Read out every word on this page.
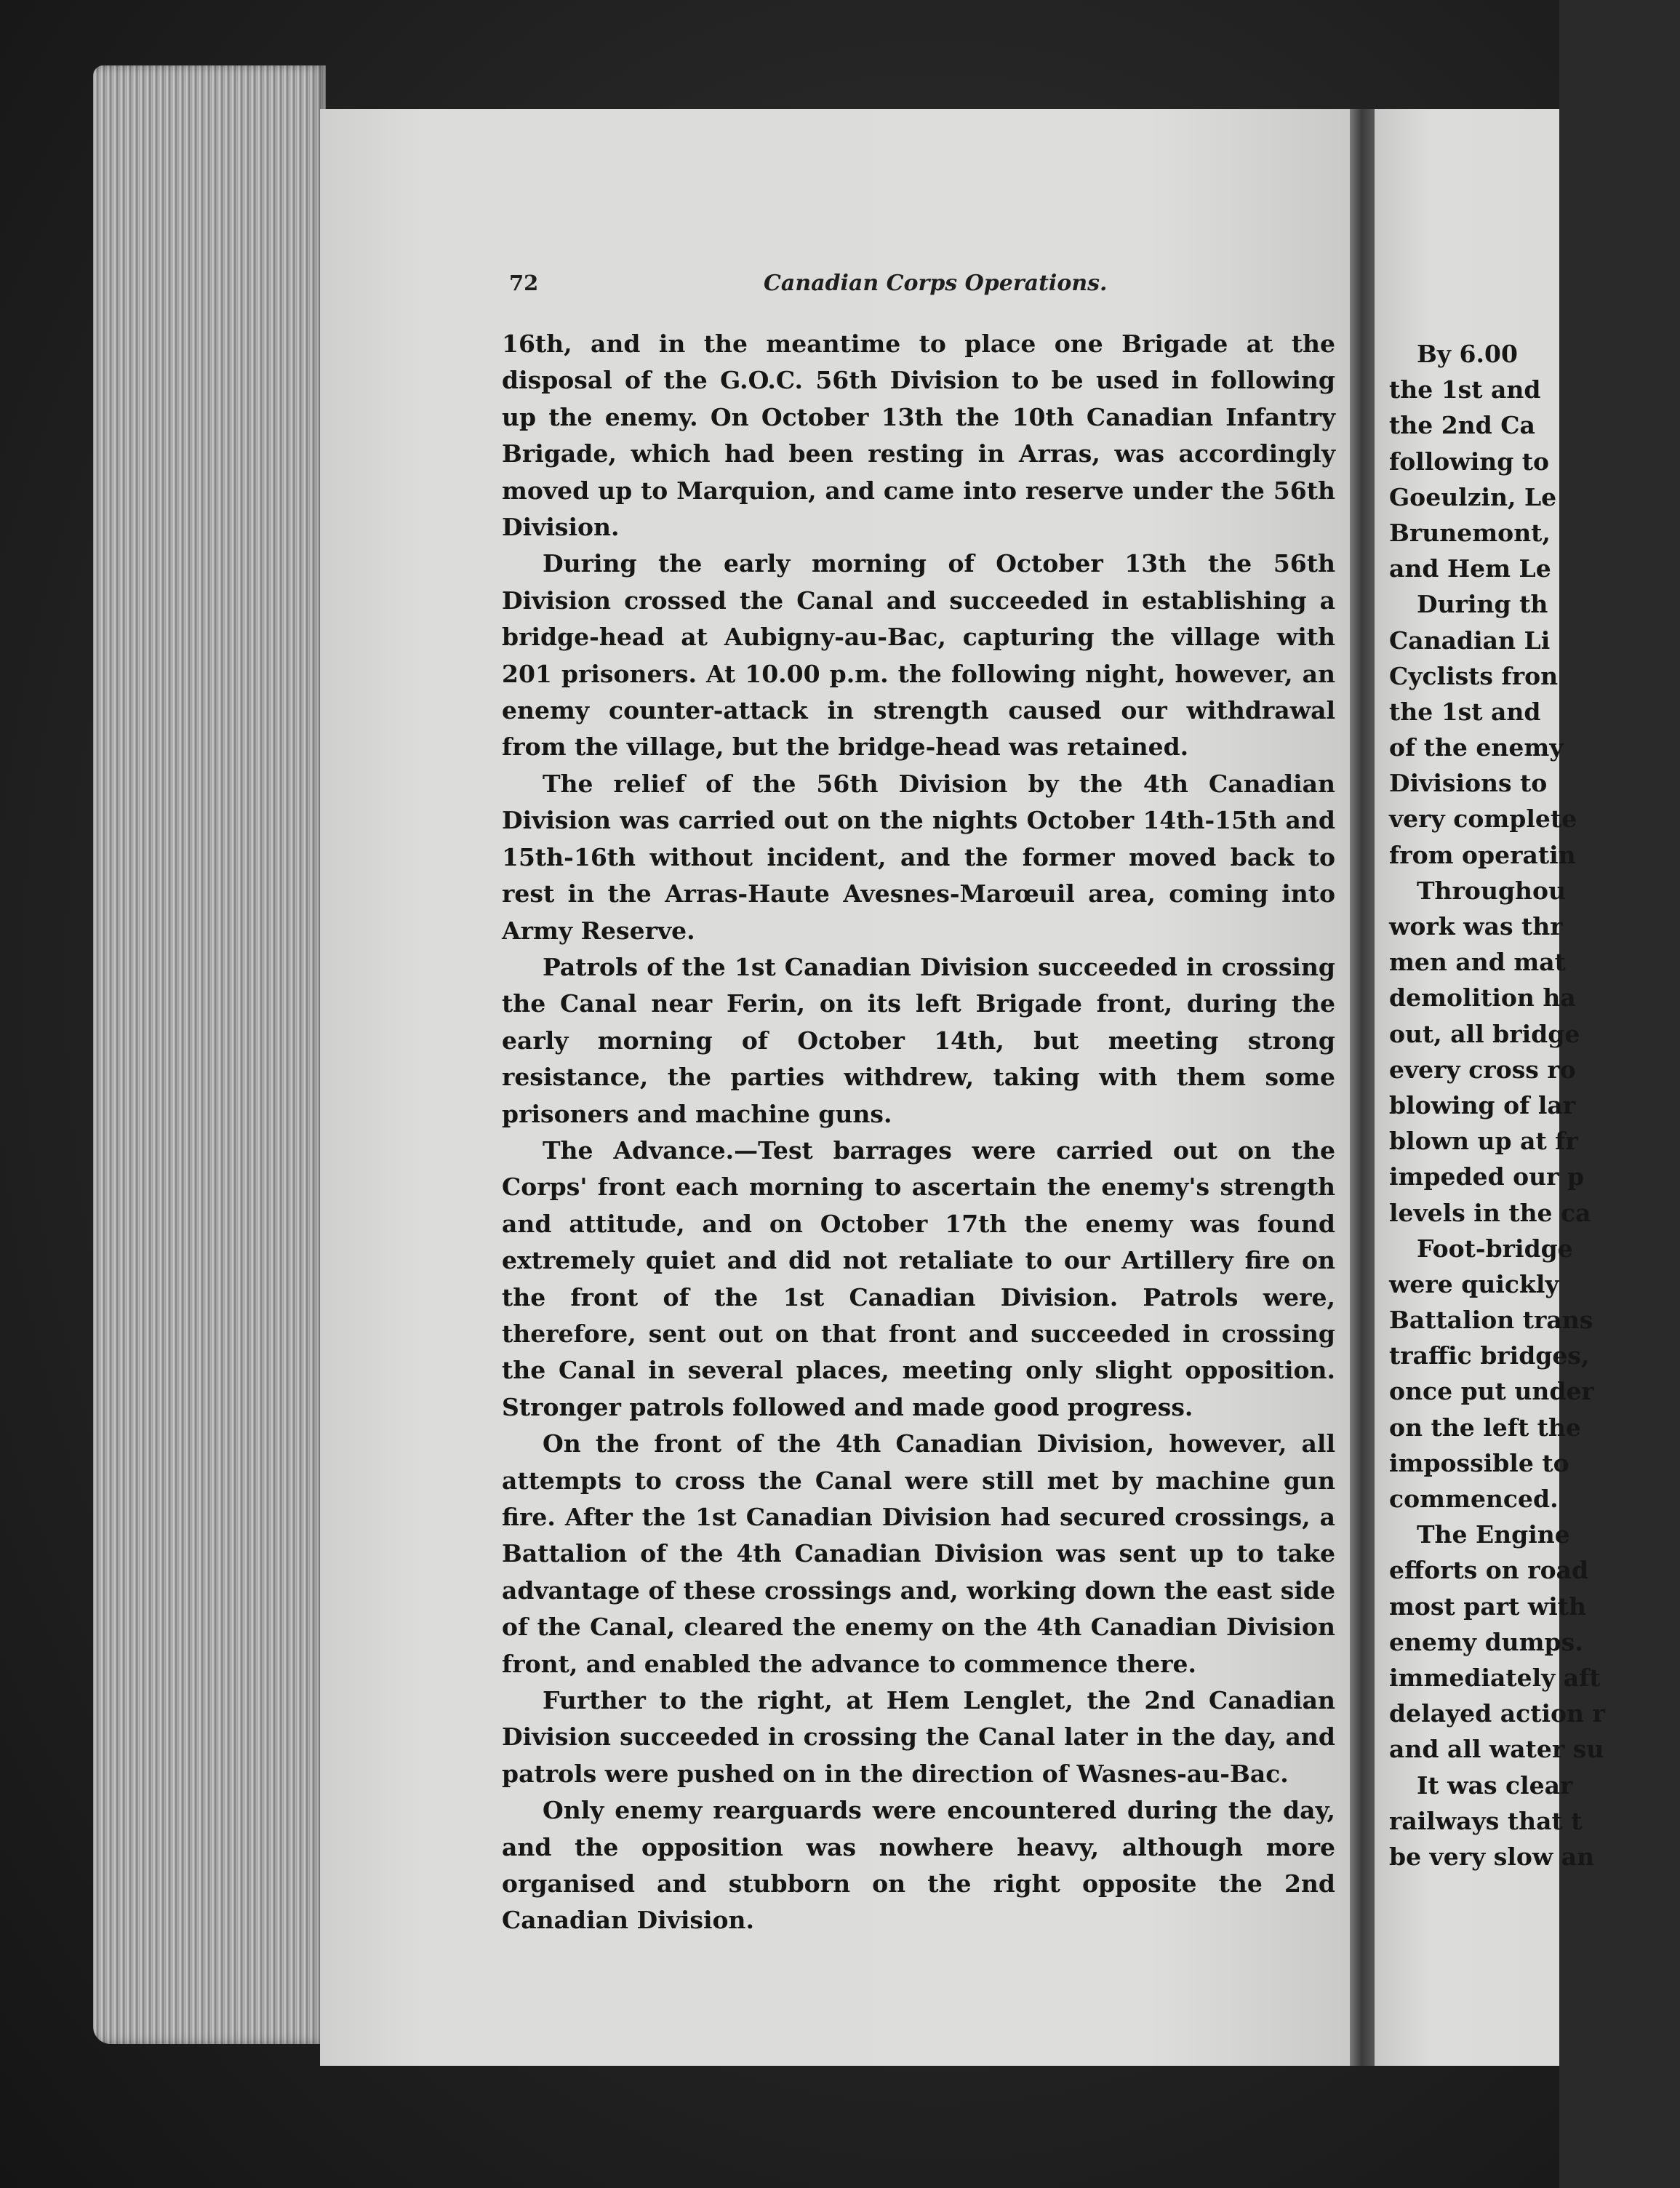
72	Canadian Corps Operations.

16th, and in the meantime to place one Brigade at the disposal of the G.O.C. 56th Division to be used in following up the enemy. On October 13th the 10th Canadian Infantry Brigade, which had been resting in Arras, was accordingly moved up to Marquion, and came into reserve under the 56th Division.

During the early morning of October 13th the 56th Division crossed the Canal and succeeded in establishing a bridge-head at Aubigny-au-Bac, capturing the village with 201 prisoners. At 10.00 p.m. the following night, however, an enemy counter-attack in strength caused our withdrawal from the village, but the bridge-head was retained.

The relief of the 56th Division by the 4th Canadian Division was carried out on the nights October 14th-15th and 15th-16th without incident, and the former moved back to rest in the Arras-Haute Avesnes-Marœuil area, coming into Army Reserve.

Patrols of the 1st Canadian Division succeeded in crossing the Canal near Ferin, on its left Brigade front, during the early morning of October 14th, but meeting strong resistance, the parties withdrew, taking with them some prisoners and machine guns.

The Advance.—Test barrages were carried out on the Corps' front each morning to ascertain the enemy's strength and attitude, and on October 17th the enemy was found extremely quiet and did not retaliate to our Artillery fire on the front of the 1st Canadian Division. Patrols were, therefore, sent out on that front and succeeded in crossing the Canal in several places, meeting only slight opposition. Stronger patrols followed and made good progress.

On the front of the 4th Canadian Division, however, all attempts to cross the Canal were still met by machine gun fire. After the 1st Canadian Division had secured crossings, a Battalion of the 4th Canadian Division was sent up to take advantage of these crossings and, working down the east side of the Canal, cleared the enemy on the 4th Canadian Division front, and enabled the advance to commence there.

Further to the right, at Hem Lenglet, the 2nd Canadian Division succeeded in crossing the Canal later in the day, and patrols were pushed on in the direction of Wasnes-au-Bac.

Only enemy rearguards were encountered during the day, and the opposition was nowhere heavy, although more organised and stubborn on the right opposite the 2nd Canadian Division.

By 6.00
the 1st and
the 2nd Ca
following to
Goeulzin, Le
Brunemont,
and Hem Le
During th
Canadian Li
Cyclists fron
the 1st and
of the enemy
Divisions to
very complete
from operatin
Throughou
work was thr
men and mat
demolition ha
out, all bridge
every cross ro
blowing of lar
blown up at fr
impeded our p
levels in the ca
Foot-bridge
were quickly
Battalion trans
traffic bridges,
once put under
on the left the
impossible to
commenced.
The Engine
efforts on road
most part with
enemy dumps.
immediately aft
delayed action r
and all water su
It was clear
railways that t
be very slow an
